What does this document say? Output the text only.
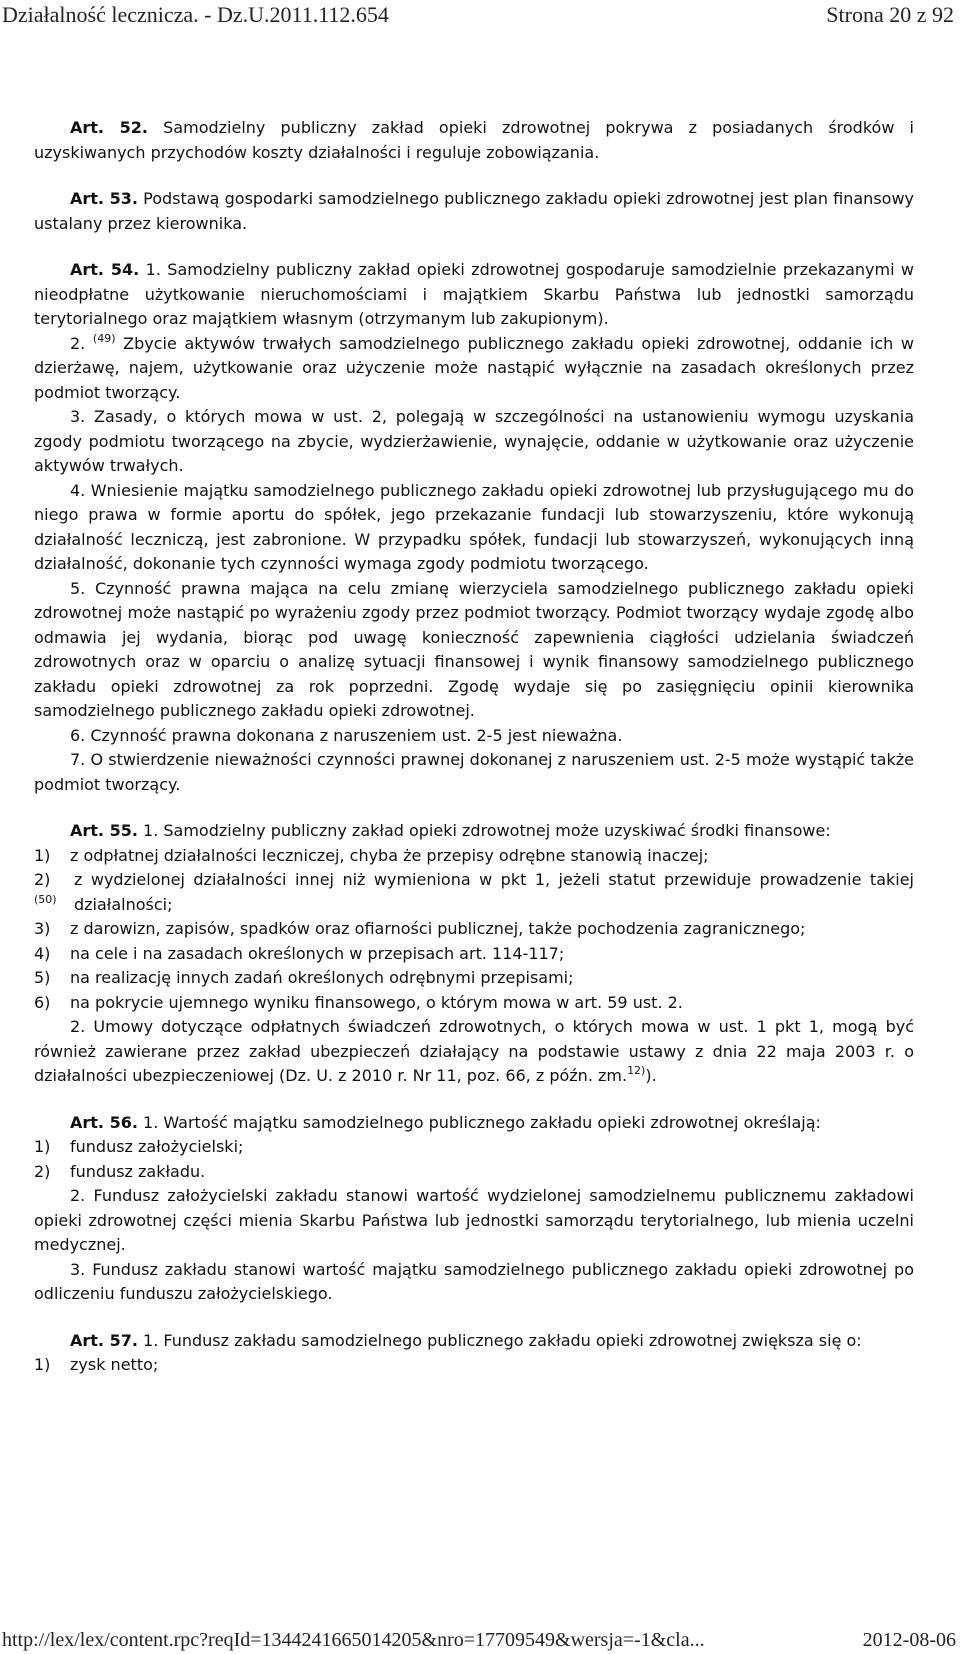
Działalność lecznicza. - Dz.U.2011.112.654	Strona 20 z 92

Art. 52. Samodzielny publiczny zakład opieki zdrowotnej pokrywa z posiadanych środków i uzyskiwanych przychodów koszty działalności i reguluje zobowiązania.

Art. 53. Podstawą gospodarki samodzielnego publicznego zakładu opieki zdrowotnej jest plan finansowy ustalany przez kierownika.

Art. 54. 1. Samodzielny publiczny zakład opieki zdrowotnej gospodaruje samodzielnie przekazanymi w nieodpłatne użytkowanie nieruchomościami i majątkiem Skarbu Państwa lub jednostki samorządu terytorialnego oraz majątkiem własnym (otrzymanym lub zakupionym).

2. $^{(49)}$ Zbycie aktywów trwałych samodzielnego publicznego zakładu opieki zdrowotnej, oddanie ich w dzierżawę, najem, użytkowanie oraz użyczenie może nastąpić wyłącznie na zasadach określonych przez podmiot tworzący.

3. Zasady, o których mowa w ust. 2, polegają w szczególności na ustanowieniu wymogu uzyskania zgody podmiotu tworzącego na zbycie, wydzierżawienie, wynajęcie, oddanie w użytkowanie oraz użyczenie aktywów trwałych.

4. Wniesienie majątku samodzielnego publicznego zakładu opieki zdrowotnej lub przysługującego mu do niego prawa w formie aportu do spółek, jego przekazanie fundacji lub stowarzyszeniu, które wykonują działalność leczniczą, jest zabronione. W przypadku spółek, fundacji lub stowarzyszeń, wykonujących inną działalność, dokonanie tych czynności wymaga zgody podmiotu tworzącego.

5. Czynność prawna mająca na celu zmianę wierzyciela samodzielnego publicznego zakładu opieki zdrowotnej może nastąpić po wyrażeniu zgody przez podmiot tworzący. Podmiot tworzący wydaje zgodę albo odmawia jej wydania, biorąc pod uwagę konieczność zapewnienia ciągłości udzielania świadczeń zdrowotnych oraz w oparciu o analizę sytuacji finansowej i wynik finansowy samodzielnego publicznego zakładu opieki zdrowotnej za rok poprzedni. Zgodę wydaje się po zasięgnięciu opinii kierownika samodzielnego publicznego zakładu opieki zdrowotnej.

6. Czynność prawna dokonana z naruszeniem ust. 2-5 jest nieważna.

7. O stwierdzenie nieważności czynności prawnej dokonanej z naruszeniem ust. 2-5 może wystąpić także podmiot tworzący.

Art. 55. 1. Samodzielny publiczny zakład opieki zdrowotnej może uzyskiwać środki finansowe:

1)	z odpłatnej działalności leczniczej, chyba że przepisy odrębne stanowią inaczej;
2) $^{(50)}$
z wydzielonej działalności innej niż wymieniona w pkt 1, jeżeli statut przewiduje prowadzenie takiej działalności;
3)	z darowizn, zapisów, spadków oraz ofiarności publicznej, także pochodzenia zagranicznego;
4)	na cele i na zasadach określonych w przepisach art. 114-117;
5)	na realizację innych zadań określonych odrębnymi przepisami;
6)	na pokrycie ujemnego wyniku finansowego, o którym mowa w art. 59 ust. 2.

2. Umowy dotyczące odpłatnych świadczeń zdrowotnych, o których mowa w ust. 1 pkt 1, mogą być również zawierane przez zakład ubezpieczeń działający na podstawie ustawy z dnia 22 maja 2003 r. o działalności ubezpieczeniowej (Dz. U. z 2010 r. Nr 11, poz. 66, z późn. zm.$^{12)}$).

Art. 56. 1. Wartość majątku samodzielnego publicznego zakładu opieki zdrowotnej określają:

1)	fundusz założycielski;
2)	fundusz zakładu.

2. Fundusz założycielski zakładu stanowi wartość wydzielonej samodzielnemu publicznemu zakładowi opieki zdrowotnej części mienia Skarbu Państwa lub jednostki samorządu terytorialnego, lub mienia uczelni medycznej.

3. Fundusz zakładu stanowi wartość majątku samodzielnego publicznego zakładu opieki zdrowotnej po odliczeniu funduszu założycielskiego.

Art. 57. 1. Fundusz zakładu samodzielnego publicznego zakładu opieki zdrowotnej zwiększa się o:

1)	zysk netto;
http://lex/lex/content.rpc?reqId=1344241665014205&nro=17709549&wersja=-1&cla...	2012-08-06
